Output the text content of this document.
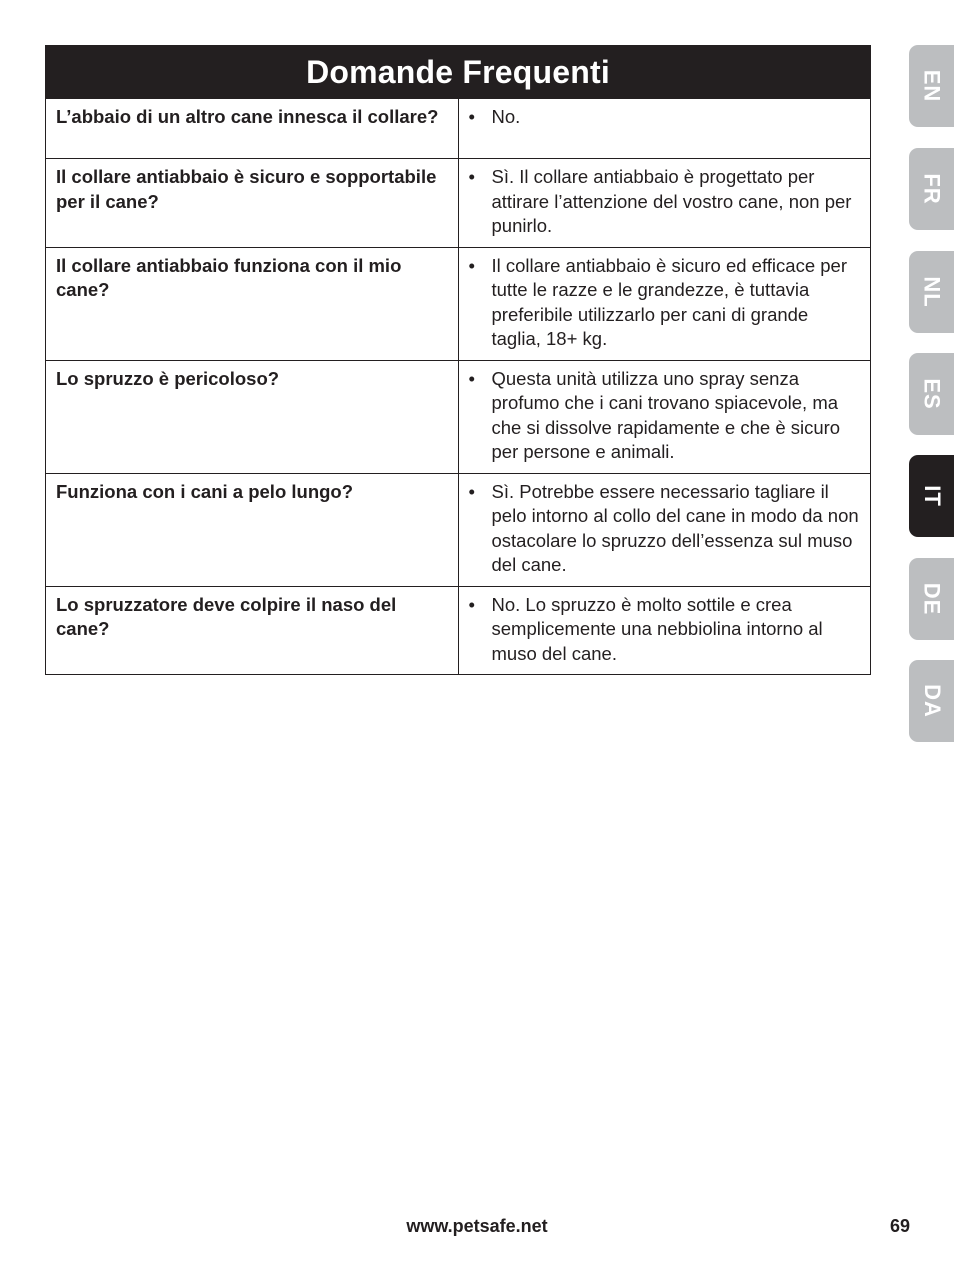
Domande Frequenti	
L’abbaio di un altro cane innesca il collare?	• No.

Il collare antiabbaio è sicuro e sopportabile per il cane?	• Sì. Il collare antiabbaio è progettato per attirare l’attenzione del vostro cane, non per punirlo.

Il collare antiabbaio funziona con il mio cane?	• Il collare antiabbaio è sicuro ed efficace per tutte le razze e le grandezze, è tuttavia preferibile utilizzarlo per cani di grande taglia, 18+ kg.

Lo spruzzo è pericoloso?	• Questa unità utilizza uno spray senza profumo che i cani trovano spiacevole, ma che si dissolve rapidamente e che è sicuro per persone e animali.

Funziona con i cani a pelo lungo?	• Sì. Potrebbe essere necessario tagliare il pelo intorno al collo del cane in modo da non ostacolare lo spruzzo dell’essenza sul muso del cane.

Lo spruzzatore deve colpire il naso del cane?	• No. Lo spruzzo è molto sottile e crea semplicemente una nebbiolina intorno al muso del cane.
EN
FR
NL
ES
IT
DE
DA
www.petsafe.net	69
